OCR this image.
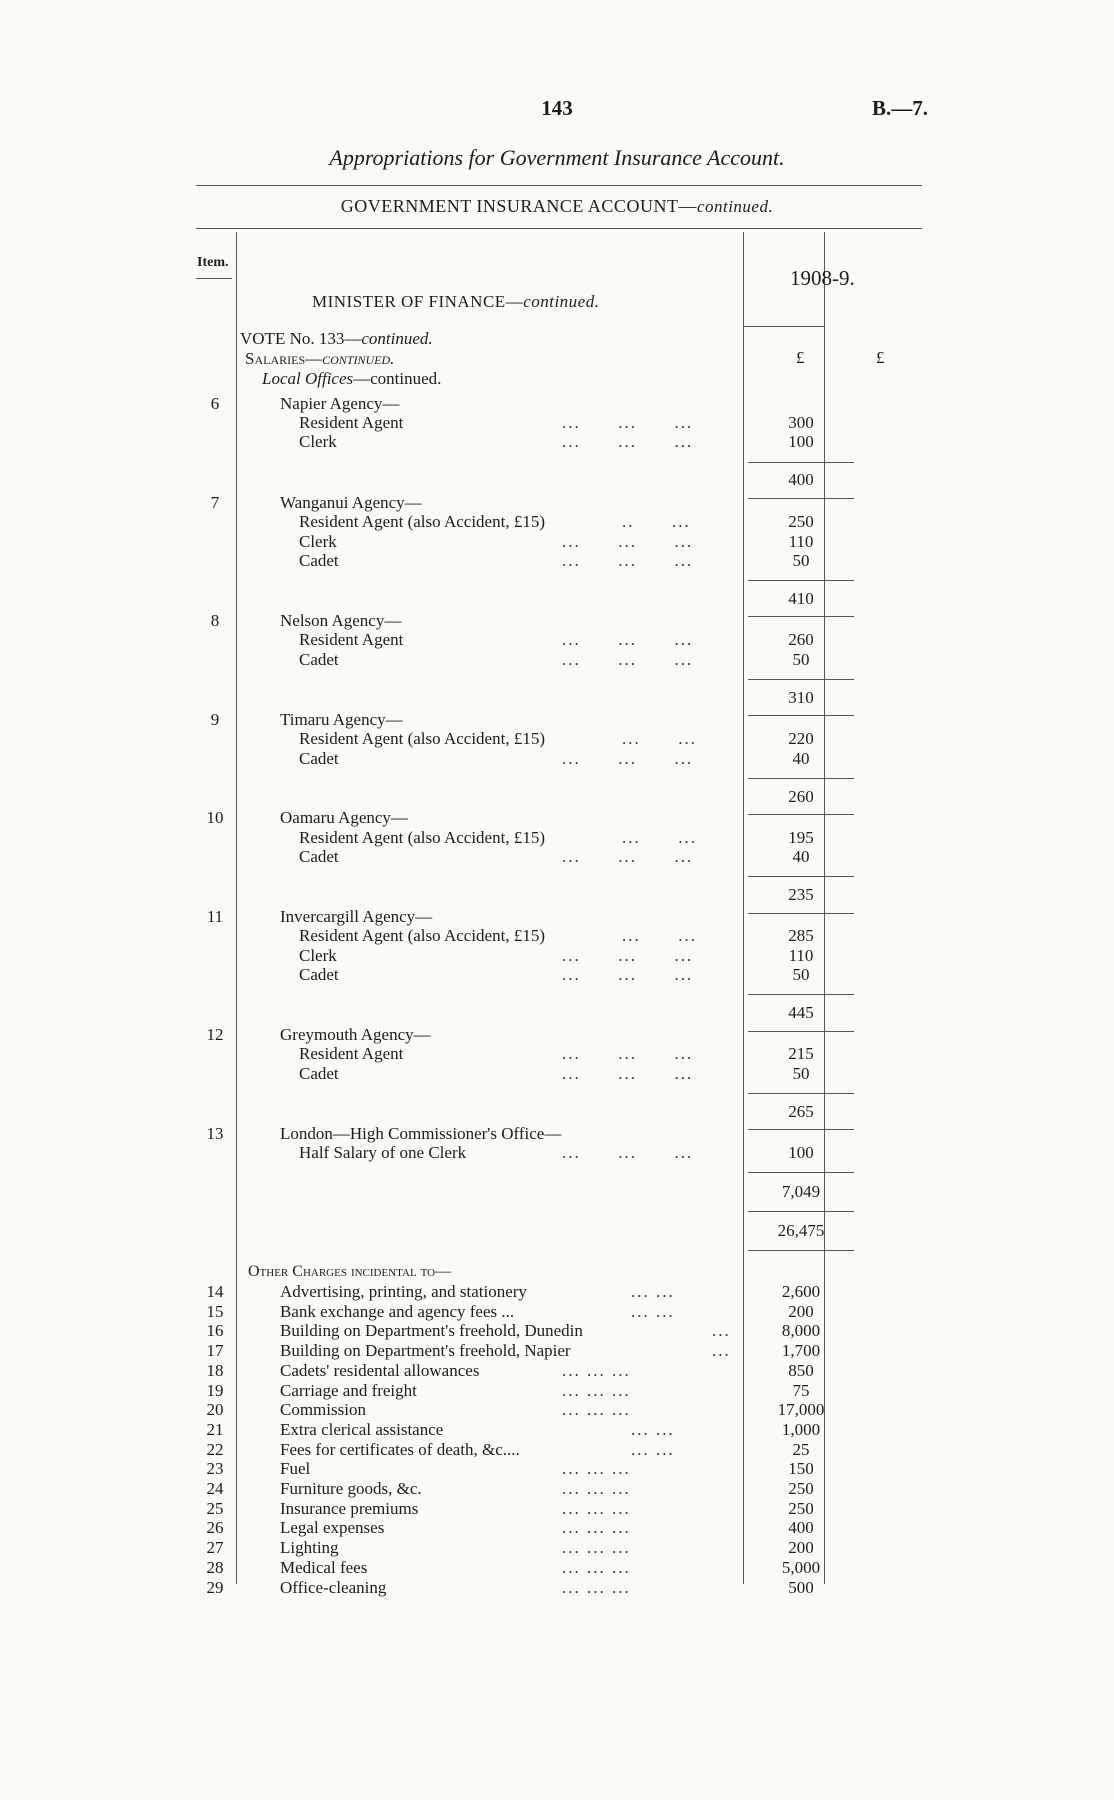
143	B.—7.
Appropriations for Government Insurance Account.
GOVERNMENT INSURANCE ACCOUNT—continued.
Item.
MINISTER OF FINANCE—continued.
1908-9.
£	£
VOTE No. 133—continued.
Salaries—continued.
Local Offices—continued.
6	Napier Agency—
Resident Agent	...      ...      ...	300
Clerk	...      ...      ...	100
400
7	Wanganui Agency—
Resident Agent (also Accident, £15)	..      ...	250
Clerk	...      ...      ...	110
Cadet	...      ...      ...	50
410
8	Nelson Agency—
Resident Agent	...      ...      ...	260
Cadet	...      ...      ...	50
310
9	Timaru Agency—
Resident Agent (also Accident, £15)	...      ...	220
Cadet	...      ...      ...	40
260
10	Oamaru Agency—
Resident Agent (also Accident, £15)	...      ...	195
Cadet	...      ...      ...	40
235
11	Invercargill Agency—
Resident Agent (also Accident, £15)	...      ...	285
Clerk	...      ...      ...	110
Cadet	...      ...      ...	50
445
12	Greymouth Agency—
Resident Agent	...      ...      ...	215
Cadet	...      ...      ...	50
265
13	London—High Commissioner's Office—
Half Salary of one Clerk	...      ...      ...	100
7,049
26,475
Other Charges incidental to—
14	Advertising, printing, and stationery	... ...	2,600
15	Bank exchange and agency fees ...	... ...	200
16	Building on Department's freehold, Dunedin	...	8,000
17	Building on Department's freehold, Napier	...	1,700
18	Cadets' residental allowances	... ... ...	850
19	Carriage and freight	... ... ...	75
20	Commission	... ... ...	17,000
21	Extra clerical assistance	... ...	1,000
22	Fees for certificates of death, &c....	... ...	25
23	Fuel	... ... ...	150
24	Furniture goods, &c.	... ... ...	250
25	Insurance premiums	... ... ...	250
26	Legal expenses	... ... ...	400
27	Lighting	... ... ...	200
28	Medical fees	... ... ...	5,000
29	Office-cleaning	... ... ...	500
